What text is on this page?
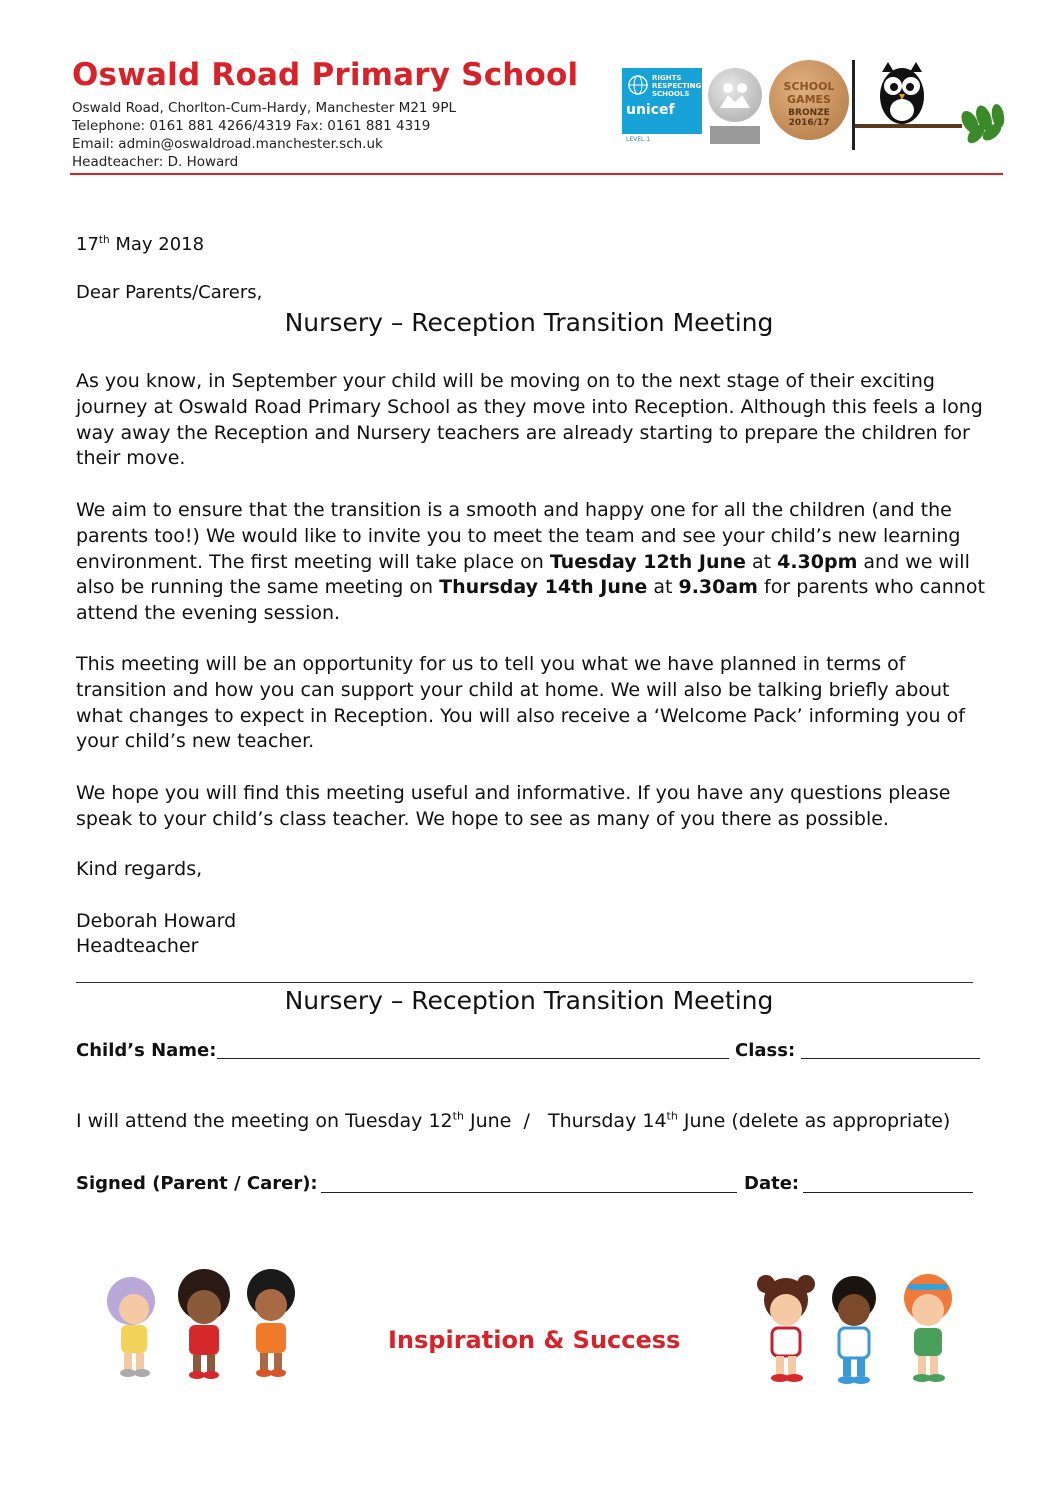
Oswald Road Primary School
Oswald Road, Chorlton-Cum-Hardy, Manchester M21 9PL
Telephone: 0161 881 4266/4319 Fax: 0161 881 4319
Email: admin@oswaldroad.manchester.sch.uk
Headteacher: D. Howard
RIGHTS
RESPECTING
SCHOOLS
unicef
LEVEL 1
SCHOOL
GAMES
BRONZE
2016/17
17th May 2018
Dear Parents/Carers,
Nursery – Reception Transition Meeting
As you know, in September your child will be moving on to the next stage of their exciting journey at Oswald Road Primary School as they move into Reception. Although this feels a long way away the Reception and Nursery teachers are already starting to prepare the children for their move.
We aim to ensure that the transition is a smooth and happy one for all the children (and the parents too!) We would like to invite you to meet the team and see your child’s new learning environment. The first meeting will take place on Tuesday 12th June at 4.30pm and we will also be running the same meeting on Thursday 14th June at 9.30am for parents who cannot attend the evening session.
This meeting will be an opportunity for us to tell you what we have planned in terms of transition and how you can support your child at home. We will also be talking briefly about what changes to expect in Reception. You will also receive a ‘Welcome Pack’ informing you of your child’s new teacher.
We hope you will find this meeting useful and informative. If you have any questions please speak to your child’s class teacher. We hope to see as many of you there as possible.
Kind regards,
Deborah Howard
Headteacher
Nursery – Reception Transition Meeting
Child’s Name:	Class:
I will attend the meeting on Tuesday 12th June  /   Thursday 14th June (delete as appropriate)
Signed (Parent / Carer):	Date:
Inspiration & Success
